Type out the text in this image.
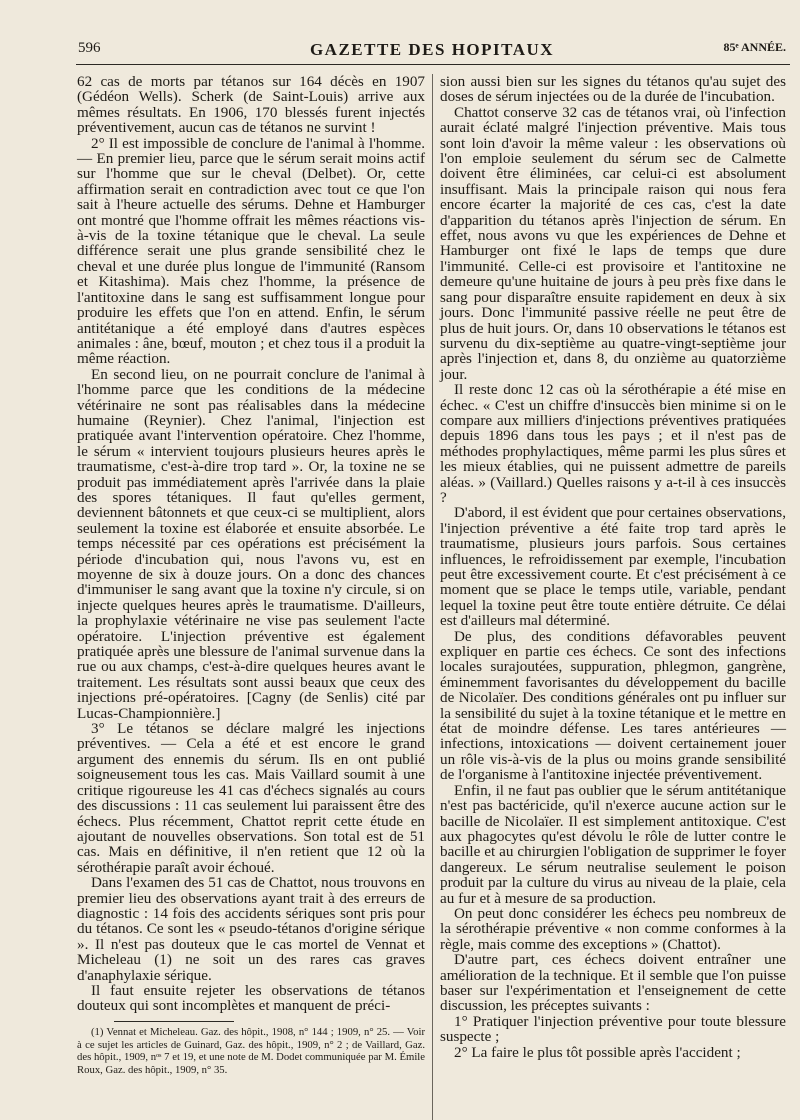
596	GAZETTE DES HOPITAUX	85ᵉ ANNÉE.

62 cas de morts par tétanos sur 164 décès en 1907 (Gédéon Wells). Scherk (de Saint-Louis) arrive aux mêmes résultats. En 1906, 170 blessés furent injectés préventivement, aucun cas de tétanos ne survint !

2° Il est impossible de conclure de l'animal à l'homme. — En premier lieu, parce que le sérum serait moins actif sur l'homme que sur le cheval (Delbet). Or, cette affirmation serait en contradiction avec tout ce que l'on sait à l'heure actuelle des sérums. Dehne et Hamburger ont montré que l'homme offrait les mêmes réactions vis-à-vis de la toxine tétanique que le cheval. La seule différence serait une plus grande sensibilité chez le cheval et une durée plus longue de l'immunité (Ransom et Kitashima). Mais chez l'homme, la présence de l'antitoxine dans le sang est suffisamment longue pour produire les effets que l'on en attend. Enfin, le sérum antitétanique a été employé dans d'autres espèces animales : âne, bœuf, mouton ; et chez tous il a produit la même réaction.

En second lieu, on ne pourrait conclure de l'animal à l'homme parce que les conditions de la médecine vétérinaire ne sont pas réalisables dans la médecine humaine (Reynier). Chez l'animal, l'injection est pratiquée avant l'intervention opératoire. Chez l'homme, le sérum « intervient toujours plusieurs heures après le traumatisme, c'est-à-dire trop tard ». Or, la toxine ne se produit pas immédiatement après l'arrivée dans la plaie des spores tétaniques. Il faut qu'elles germent, deviennent bâtonnets et que ceux-ci se multiplient, alors seulement la toxine est élaborée et ensuite absorbée. Le temps nécessité par ces opérations est précisément la période d'incubation qui, nous l'avons vu, est en moyenne de six à douze jours. On a donc des chances d'immuniser le sang avant que la toxine n'y circule, si on injecte quelques heures après le traumatisme. D'ailleurs, la prophylaxie vétérinaire ne vise pas seulement l'acte opératoire. L'injection préventive est également pratiquée après une blessure de l'animal survenue dans la rue ou aux champs, c'est-à-dire quelques heures avant le traitement. Les résultats sont aussi beaux que ceux des injections pré-opératoires. [Cagny (de Senlis) cité par Lucas-Championnière.]

3° Le tétanos se déclare malgré les injections préventives. — Cela a été et est encore le grand argument des ennemis du sérum. Ils en ont publié soigneusement tous les cas. Mais Vaillard soumit à une critique rigoureuse les 41 cas d'échecs signalés au cours des discussions : 11 cas seulement lui paraissent être des échecs. Plus récemment, Chattot reprit cette étude en ajoutant de nouvelles observations. Son total est de 51 cas. Mais en définitive, il n'en retient que 12 où la sérothérapie paraît avoir échoué.

Dans l'examen des 51 cas de Chattot, nous trouvons en premier lieu des observations ayant trait à des erreurs de diagnostic : 14 fois des accidents sériques sont pris pour du tétanos. Ce sont les « pseudo-tétanos d'origine sérique ». Il n'est pas douteux que le cas mortel de Vennat et Micheleau (1) ne soit un des rares cas graves d'anaphylaxie sérique.

Il faut ensuite rejeter les observations de tétanos douteux qui sont incomplètes et manquent de préci-

sion aussi bien sur les signes du tétanos qu'au sujet des doses de sérum injectées ou de la durée de l'incubation.

Chattot conserve 32 cas de tétanos vrai, où l'infection aurait éclaté malgré l'injection préventive. Mais tous sont loin d'avoir la même valeur : les observations où l'on emploie seulement du sérum sec de Calmette doivent être éliminées, car celui-ci est absolument insuffisant. Mais la principale raison qui nous fera encore écarter la majorité de ces cas, c'est la date d'apparition du tétanos après l'injection de sérum. En effet, nous avons vu que les expériences de Dehne et Hamburger ont fixé le laps de temps que dure l'immunité. Celle-ci est provisoire et l'antitoxine ne demeure qu'une huitaine de jours à peu près fixe dans le sang pour disparaître ensuite rapidement en deux à six jours. Donc l'immunité passive réelle ne peut être de plus de huit jours. Or, dans 10 observations le tétanos est survenu du dix-septième au quatre-vingt-septième jour après l'injection et, dans 8, du onzième au quatorzième jour.

Il reste donc 12 cas où la sérothérapie a été mise en échec. « C'est un chiffre d'insuccès bien minime si on le compare aux milliers d'injections préventives pratiquées depuis 1896 dans tous les pays ; et il n'est pas de méthodes prophylactiques, même parmi les plus sûres et les mieux établies, qui ne puissent admettre de pareils aléas. » (Vaillard.) Quelles raisons y a-t-il à ces insuccès ?

D'abord, il est évident que pour certaines observations, l'injection préventive a été faite trop tard après le traumatisme, plusieurs jours parfois. Sous certaines influences, le refroidissement par exemple, l'incubation peut être excessivement courte. Et c'est précisément à ce moment que se place le temps utile, variable, pendant lequel la toxine peut être toute entière détruite. Ce délai est d'ailleurs mal déterminé.

De plus, des conditions défavorables peuvent expliquer en partie ces échecs. Ce sont des infections locales surajoutées, suppuration, phlegmon, gangrène, éminemment favorisantes du développement du bacille de Nicolaïer. Des conditions générales ont pu influer sur la sensibilité du sujet à la toxine tétanique et le mettre en état de moindre défense. Les tares antérieures — infections, intoxications — doivent certainement jouer un rôle vis-à-vis de la plus ou moins grande sensibilité de l'organisme à l'antitoxine injectée préventivement.

Enfin, il ne faut pas oublier que le sérum antitétanique n'est pas bactéricide, qu'il n'exerce aucune action sur le bacille de Nicolaïer. Il est simplement antitoxique. C'est aux phagocytes qu'est dévolu le rôle de lutter contre le bacille et au chirurgien l'obligation de supprimer le foyer dangereux. Le sérum neutralise seulement le poison produit par la culture du virus au niveau de la plaie, cela au fur et à mesure de sa production.

On peut donc considérer les échecs peu nombreux de la sérothérapie préventive « non comme conformes à la règle, mais comme des exceptions » (Chattot).

D'autre part, ces échecs doivent entraîner une amélioration de la technique. Et il semble que l'on puisse baser sur l'expérimentation et l'enseignement de cette discussion, les préceptes suivants :

1° Pratiquer l'injection préventive pour toute blessure suspecte ;

2° La faire le plus tôt possible après l'accident ;

(1) Vennat et Micheleau. Gaz. des hôpit., 1908, n° 144 ; 1909, n° 25. — Voir à ce sujet les articles de Guinard, Gaz. des hôpit., 1909, n° 2 ; de Vaillard, Gaz. des hôpit., 1909, nᵒˢ 7 et 19, et une note de M. Dodet communiquée par M. Émile Roux, Gaz. des hôpit., 1909, n° 35.
